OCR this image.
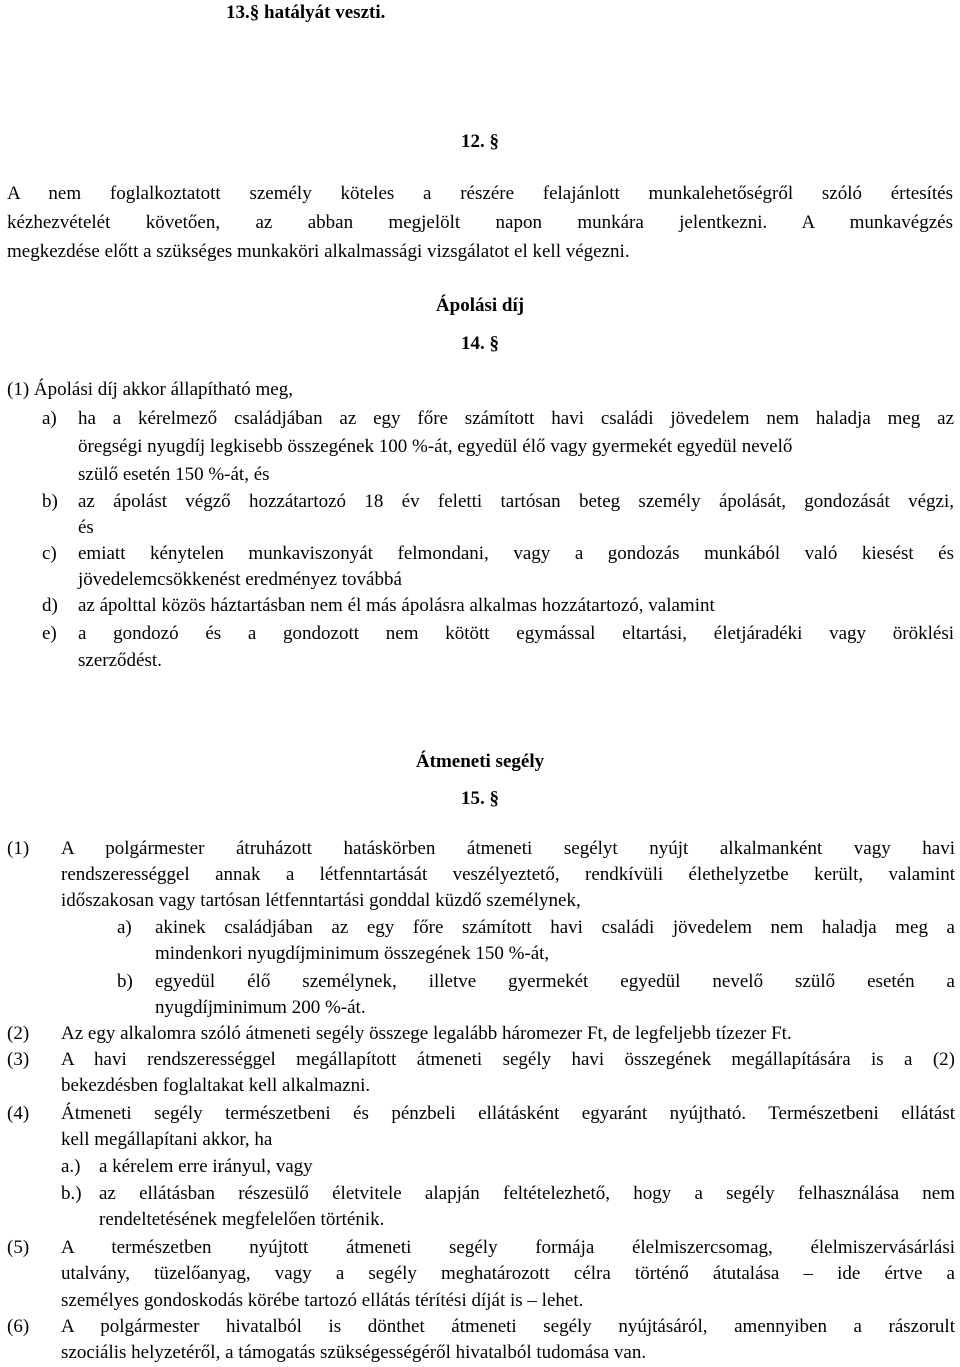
13.§ hatályát veszti.
12. §
A nem foglalkoztatott személy köteles a részére felajánlott munkalehetőségről szóló értesítés
kézhezvételét követően, az abban megjelölt napon munkára jelentkezni. A munkavégzés
megkezdése előtt a szükséges munkaköri alkalmassági vizsgálatot el kell végezni.
Ápolási díj
14. §
(1) Ápolási díj akkor állapítható meg,
a) ha a kérelmező családjában az egy főre számított havi családi jövedelem nem haladja meg az
öregségi nyugdíj legkisebb összegének 100 %-át, egyedül élő vagy gyermekét egyedül nevelő
szülő esetén 150 %-át, és
b) az ápolást végző hozzátartozó 18 év feletti tartósan beteg személy ápolását, gondozását végzi,
és
c) emiatt kénytelen munkaviszonyát felmondani, vagy a gondozás munkából való kiesést és
jövedelemcsökkenést eredményez továbbá
d) az ápolttal közös háztartásban nem él más ápolásra alkalmas hozzátartozó, valamint
e) a gondozó és a gondozott nem kötött egymással eltartási, életjáradéki vagy öröklési
szerződést.
Átmeneti segély
15. §
(1) A polgármester átruházott hatáskörben átmeneti segélyt nyújt alkalmanként vagy havi
rendszerességgel annak a létfenntartását veszélyeztető, rendkívüli élethelyzetbe került, valamint
időszakosan vagy tartósan létfenntartási gonddal küzdő személynek,
a) akinek családjában az egy főre számított havi családi jövedelem nem haladja meg a
mindenkori nyugdíjminimum összegének 150 %-át,
b) egyedül élő személynek, illetve gyermekét egyedül nevelő szülő esetén a
nyugdíjminimum 200 %-át.
(2) Az egy alkalomra szóló átmeneti segély összege legalább háromezer Ft, de legfeljebb tízezer Ft.
(3) A havi rendszerességgel megállapított átmeneti segély havi összegének megállapítására is a (2)
bekezdésben foglaltakat kell alkalmazni.
(4) Átmeneti segély természetbeni és pénzbeli ellátásként egyaránt nyújtható. Természetbeni ellátást
kell megállapítani akkor, ha
a.) a kérelem erre irányul, vagy
b.) az ellátásban részesülő életvitele alapján feltételezhető, hogy a segély felhasználása nem
rendeltetésének megfelelően történik.
(5) A természetben nyújtott átmeneti segély formája élelmiszercsomag, élelmiszervásárlási
utalvány, tüzelőanyag, vagy a segély meghatározott célra történő átutalása – ide értve a
személyes gondoskodás körébe tartozó ellátás térítési díját is – lehet.
(6) A polgármester hivatalból is dönthet átmeneti segély nyújtásáról, amennyiben a rászorult
szociális helyzetéről, a támogatás szükségességéről hivatalból tudomása van.
